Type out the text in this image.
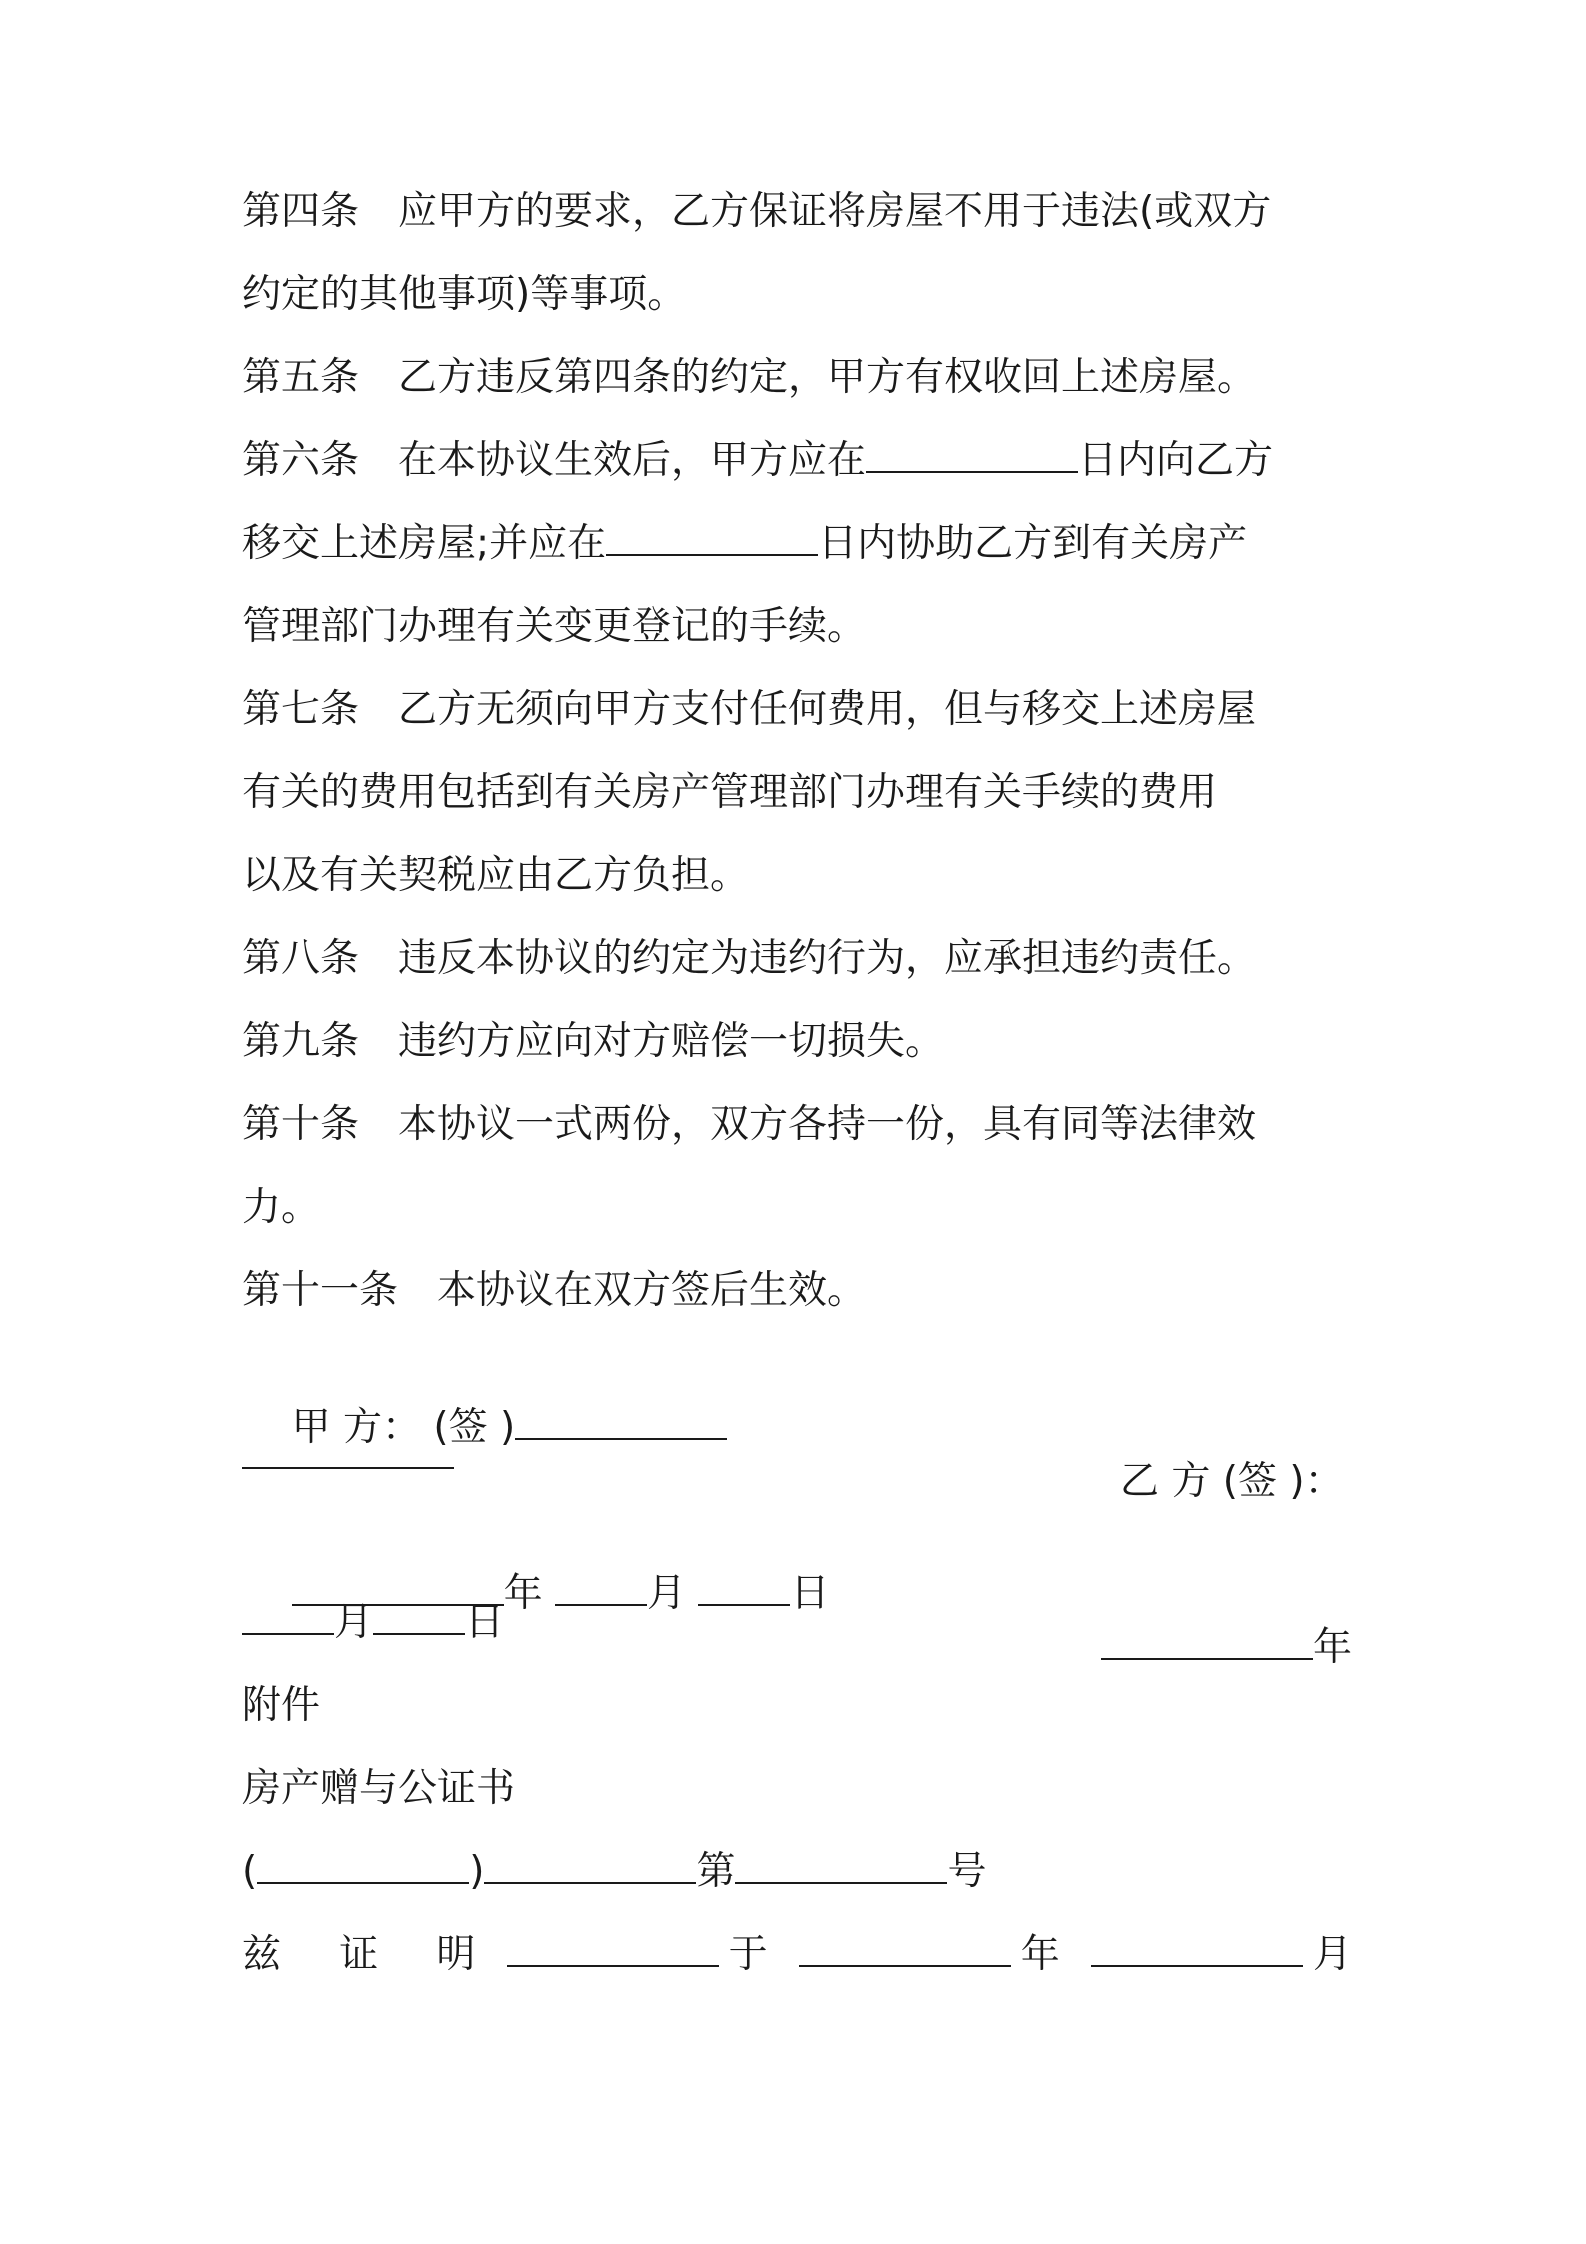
第四条　应甲方的要求，乙方保证将房屋不用于违法(或双方
约定的其他事项)等事项。
第五条　乙方违反第四条的约定，甲方有权收回上述房屋。
第六条　在本协议生效后，甲方应在	日内向乙方
移交上述房屋;并应在	日内协助乙方到有关房产
管理部门办理有关变更登记的手续。
第七条　乙方无须向甲方支付任何费用，但与移交上述房屋
有关的费用包括到有关房产管理部门办理有关手续的费用
以及有关契税应由乙方负担。
第八条　违反本协议的约定为违约行为，应承担违约责任。
第九条　违约方应向对方赔偿一切损失。
第十条　本协议一式两份，双方各持一份，具有同等法律效
力。
第十一条　本协议在双方签后生效。

甲 方： (签 )

乙 方 (签 )：

年	月	日

年

月 日
附件
房产赠与公证书
(	)	第	号
兹　证　明	于	年	月
